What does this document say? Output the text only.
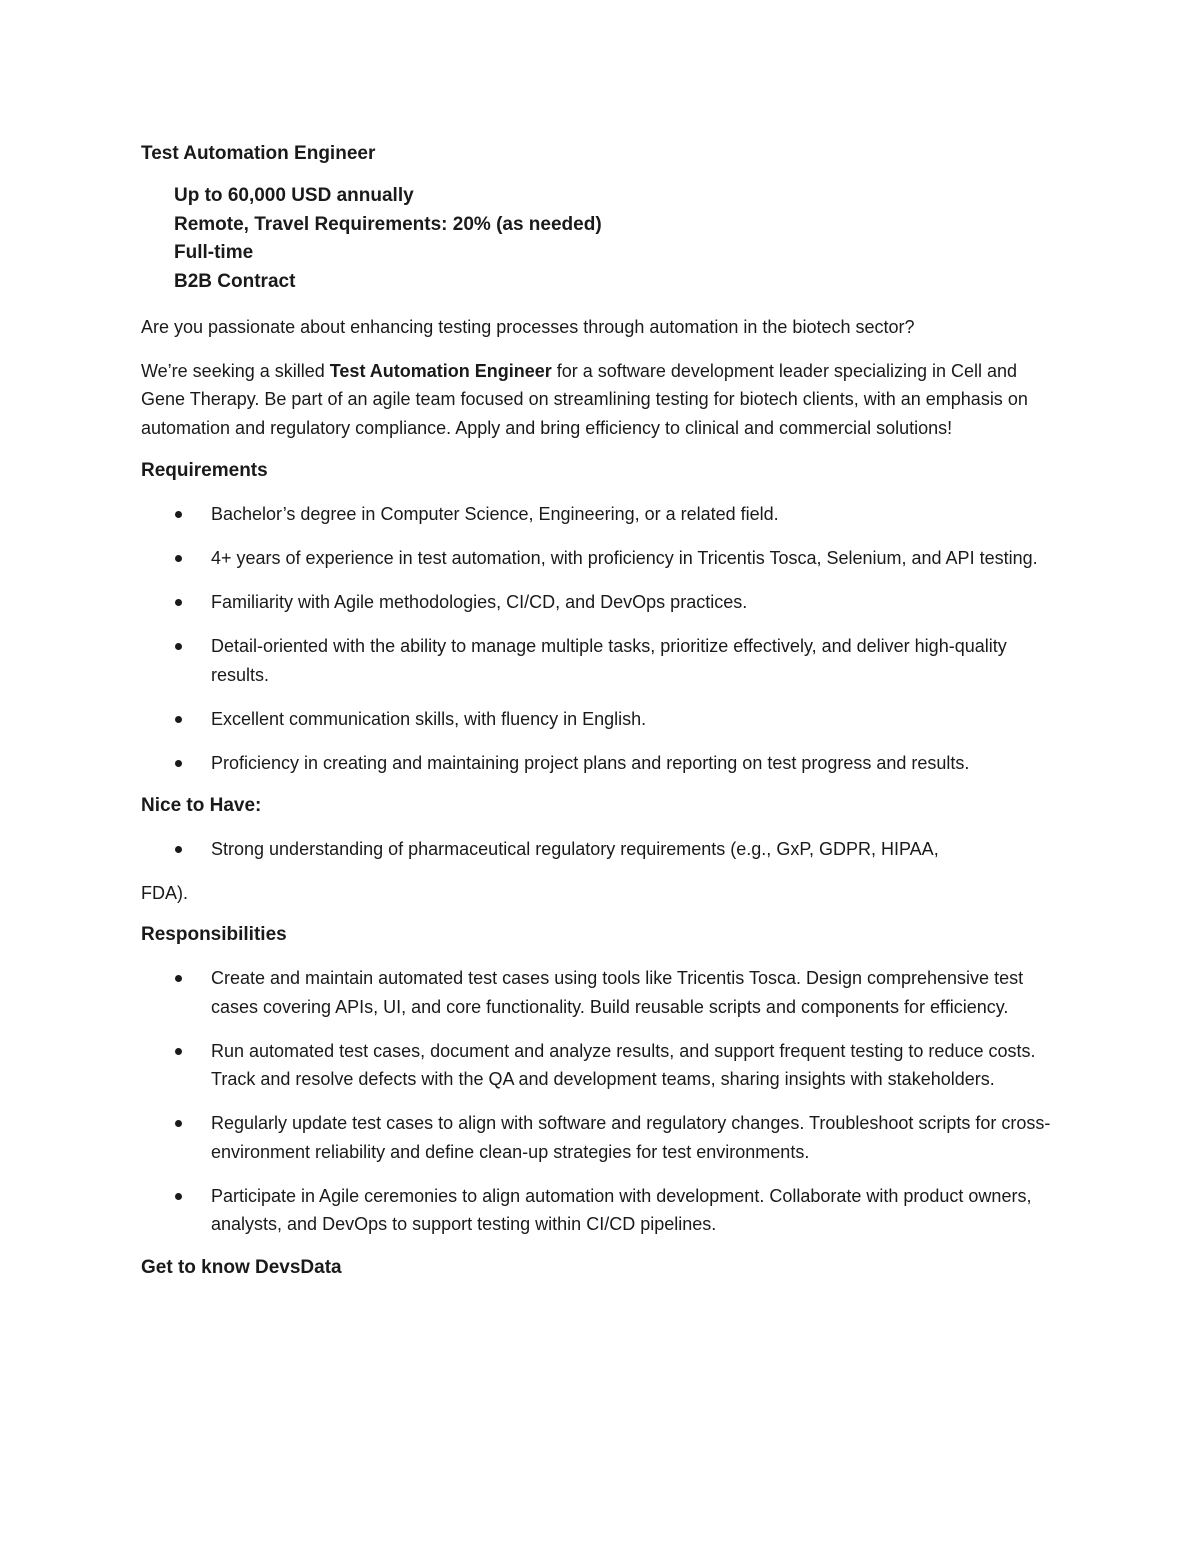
Test Automation Engineer
Up to 60,000 USD annually
Remote, Travel Requirements: 20% (as needed)
Full-time
B2B Contract

Are you passionate about enhancing testing processes through automation in the biotech sector?

We’re seeking a skilled Test Automation Engineer for a software development leader specializing in Cell and Gene Therapy. Be part of an agile team focused on streamlining testing for biotech clients, with an emphasis on automation and regulatory compliance. Apply and bring efficiency to clinical and commercial solutions!

Requirements
Bachelor’s degree in Computer Science, Engineering, or a related field.
4+ years of experience in test automation, with proficiency in Tricentis Tosca, Selenium, and API testing.
Familiarity with Agile methodologies, CI/CD, and DevOps practices.
Detail-oriented with the ability to manage multiple tasks, prioritize effectively, and deliver high-quality results.
Excellent communication skills, with fluency in English.
Proficiency in creating and maintaining project plans and reporting on test progress and results.
Nice to Have:
Strong understanding of pharmaceutical regulatory requirements (e.g., GxP, GDPR, HIPAA,
FDA).
Responsibilities
Create and maintain automated test cases using tools like Tricentis Tosca. Design comprehensive test cases covering APIs, UI, and core functionality. Build reusable scripts and components for efficiency.
Run automated test cases, document and analyze results, and support frequent testing to reduce costs. Track and resolve defects with the QA and development teams, sharing insights with stakeholders.
Regularly update test cases to align with software and regulatory changes. Troubleshoot scripts for cross-environment reliability and define clean-up strategies for test environments.
Participate in Agile ceremonies to align automation with development. Collaborate with product owners, analysts, and DevOps to support testing within CI/CD pipelines.
Get to know DevsData
